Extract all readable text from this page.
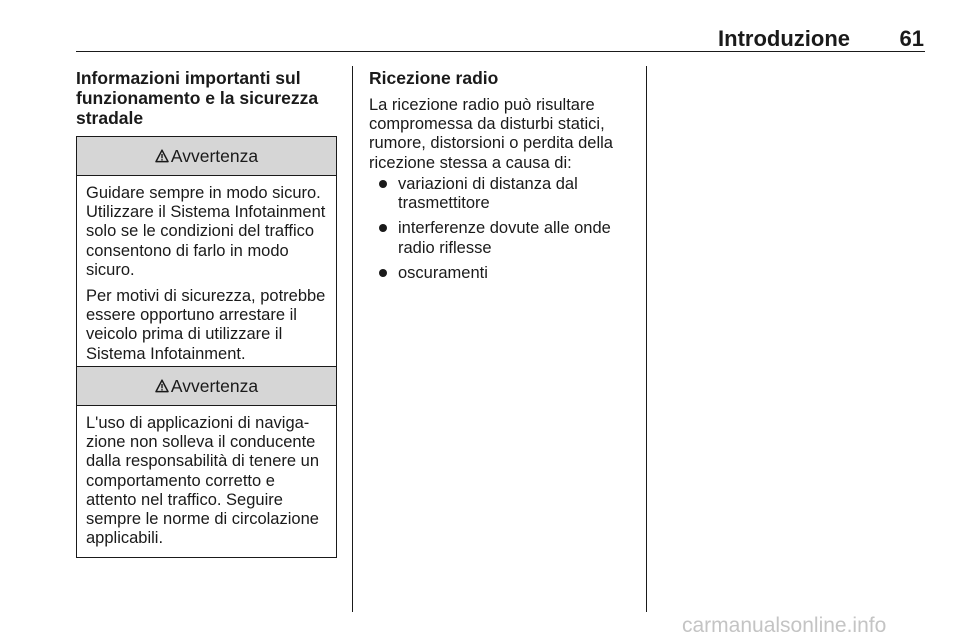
Introduzione	61
Informazioni importanti sul funzionamento e la sicurezza stradale
Avvertenza

Guidare sempre in modo sicuro. Utilizzare il Sistema Infotainment solo se le condizioni del traffico consentono di farlo in modo sicuro.

Per motivi di sicurezza, potrebbe essere opportuno arrestare il veicolo prima di utilizzare il Sistema Infotainment.

Avvertenza

L'uso di applicazioni di navigazione non solleva il conducente dalla responsabilità di tenere un comportamento corretto e attento nel traffico. Seguire sempre le norme di circolazione applicabili.

Ricezione radio

La ricezione radio può risultare compromessa da disturbi statici, rumore, distorsioni o perdita della ricezione stessa a causa di:

variazioni di distanza dal trasmettitore
interferenze dovute alle onde radio riflesse
oscuramenti
carmanualsonline.info
